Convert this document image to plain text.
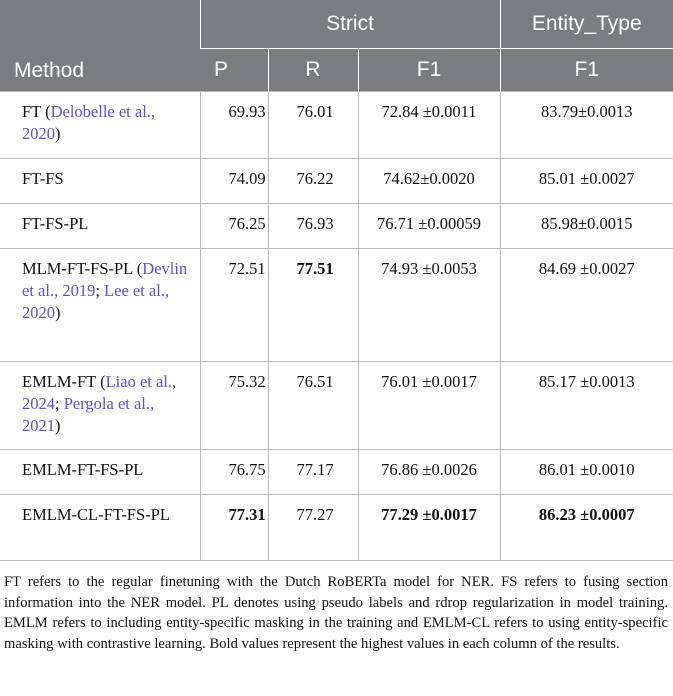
Method	Strict			Entity_Type
	P	R	F1	F1
FT (Delobelle et al., 2020)	69.93	76.01	72.84 ±0.0011	83.79±0.0013
FT-FS	74.09	76.22	74.62±0.0020	85.01 ±0.0027
FT-FS-PL	76.25	76.93	76.71 ±0.00059	85.98±0.0015
MLM-FT-FS-PL (Devlin et al., 2019; Lee et al., 2020)	72.51	77.51	74.93 ±0.0053	84.69 ±0.0027
EMLM-FT (Liao et al., 2024; Pergola et al., 2021)	75.32	76.51	76.01 ±0.0017	85.17 ±0.0013
EMLM-FT-FS-PL	76.75	77.17	76.86 ±0.0026	86.01 ±0.0010
EMLM-CL-FT-FS-PL	77.31	77.27	77.29 ±0.0017	86.23 ±0.0007

FT refers to the regular finetuning with the Dutch RoBERTa model for NER. FS refers to fusing section information into the NER model. PL denotes using pseudo labels and rdrop regularization in model training. EMLM refers to including entity-specific masking in the training and EMLM-CL refers to using entity-specific masking with contrastive learning. Bold values represent the highest values in each column of the results.
